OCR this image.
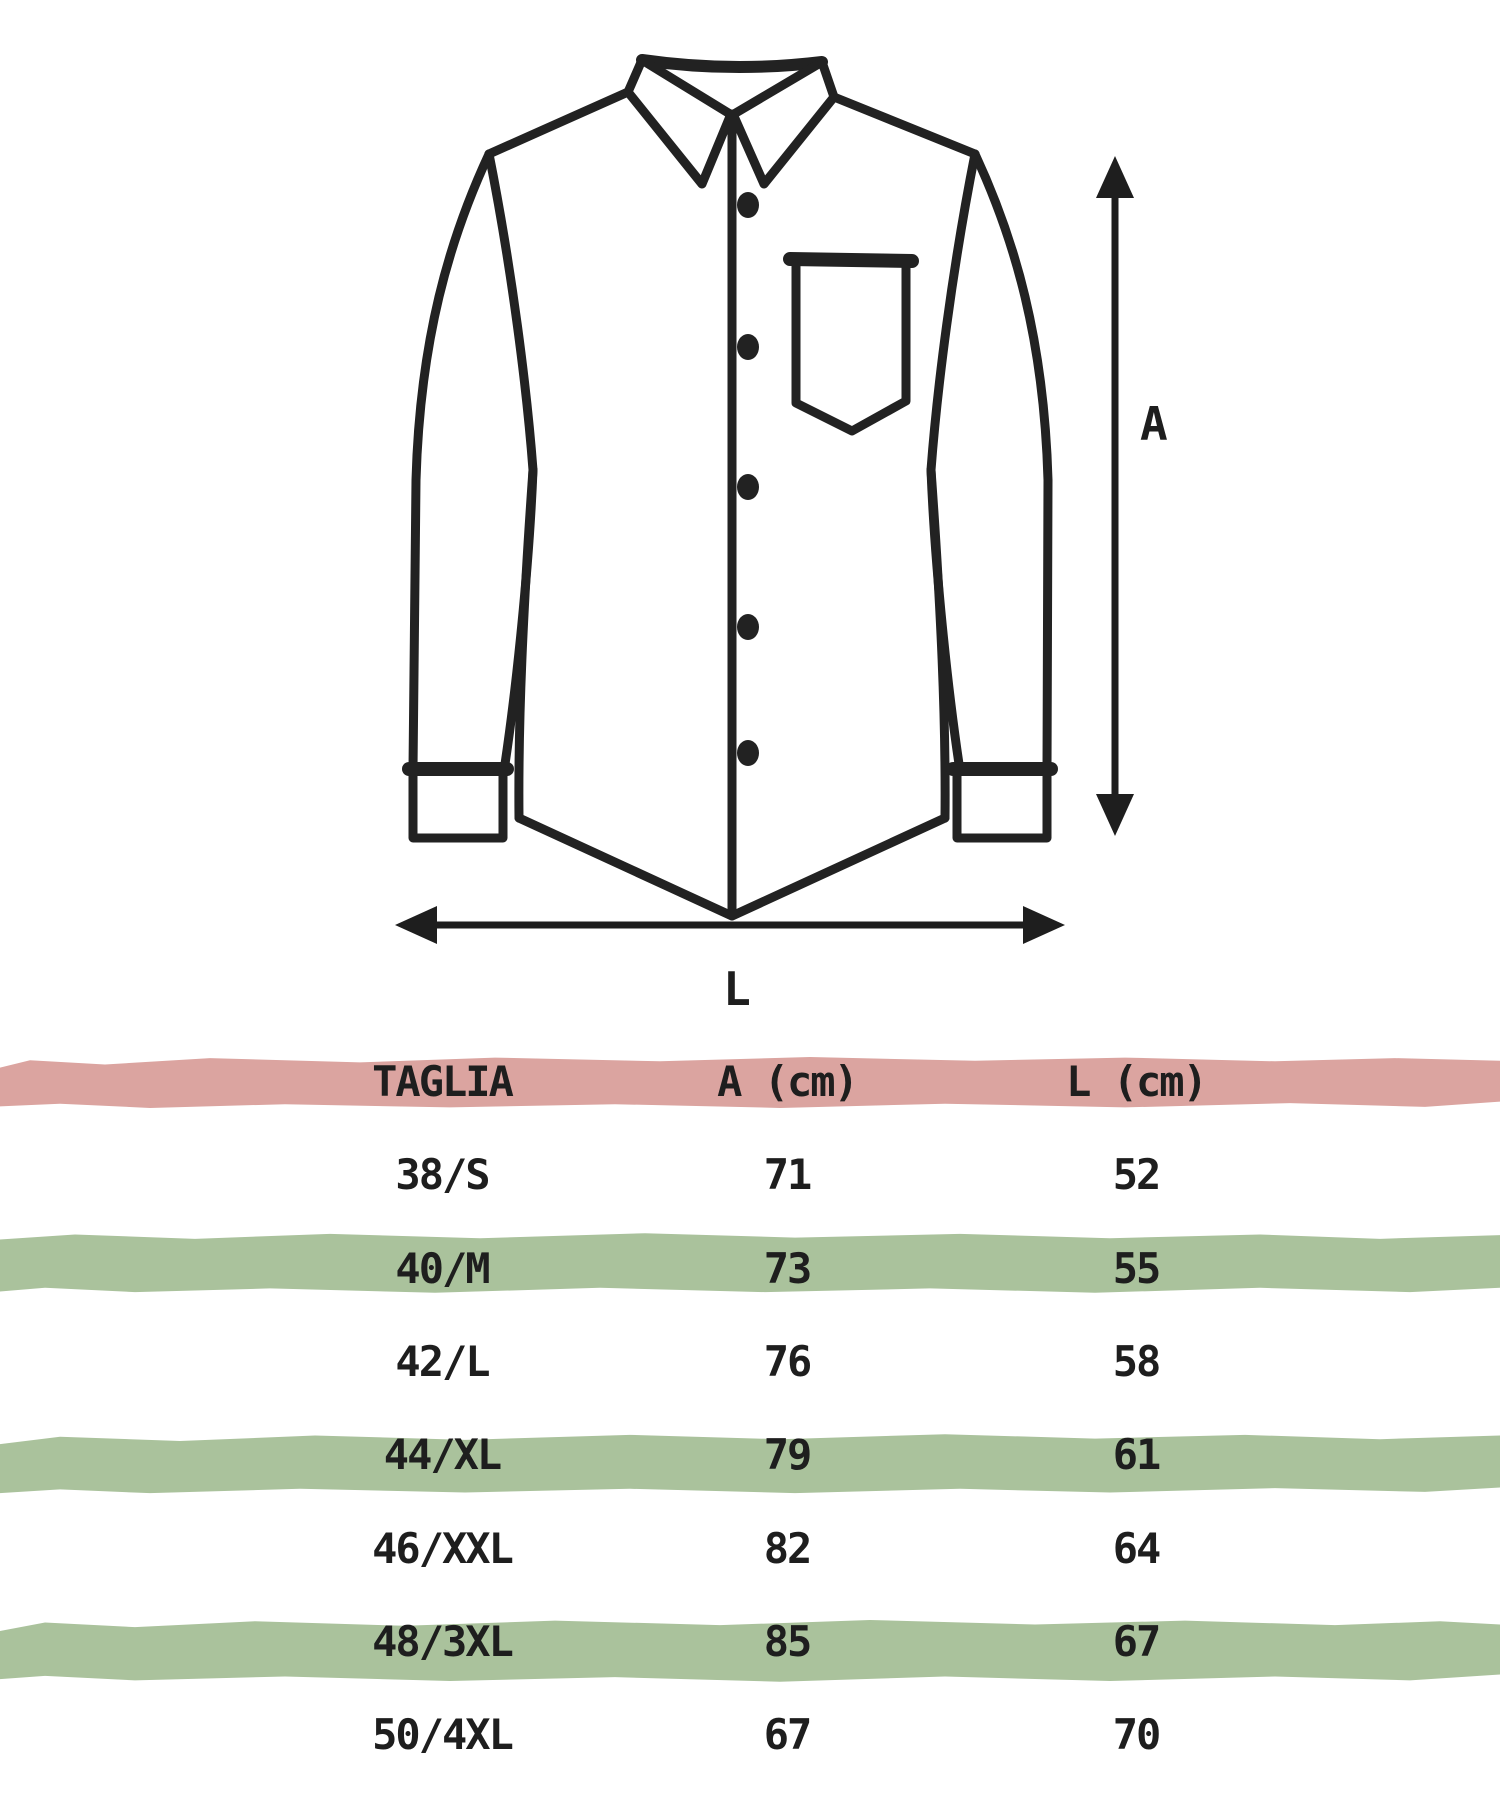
A
L
TAGLIA	A (cm)	L (cm)
38/S	71	52
40/M	73	55
42/L	76	58
44/XL	79	61
46/XXL	82	64
48/3XL	85	67
50/4XL	67	70
